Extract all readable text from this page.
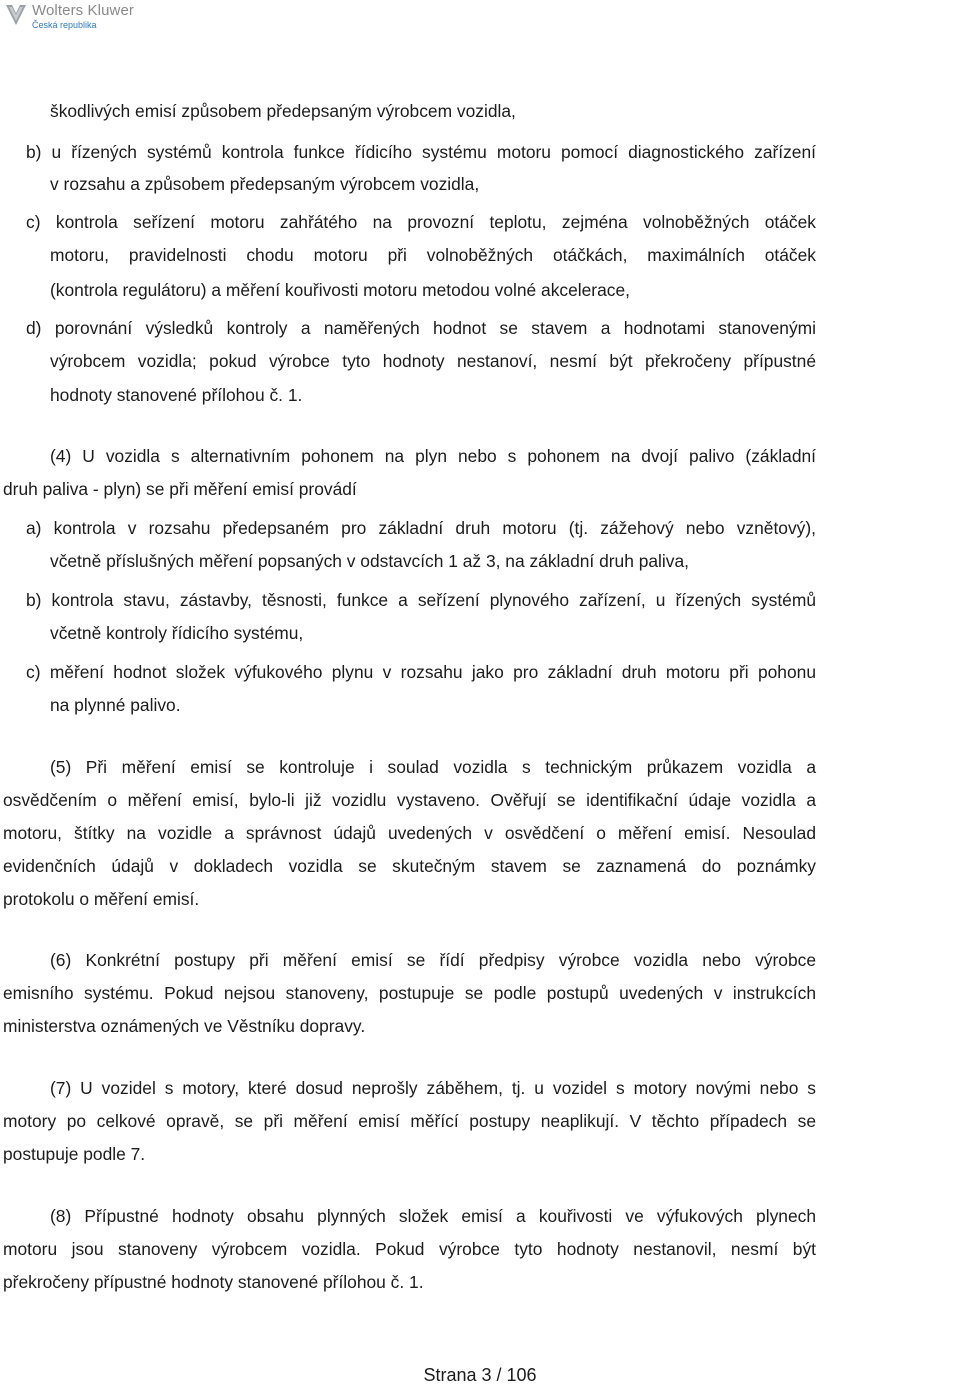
Wolters Kluwer
Česká republika
škodlivých emisí způsobem předepsaným výrobcem vozidla,
b) u řízených systémů kontrola funkce řídicího systému motoru pomocí diagnostického zařízení
v rozsahu a způsobem předepsaným výrobcem vozidla,
c) kontrola seřízení motoru zahřátého na provozní teplotu, zejména volnoběžných otáček
motoru, pravidelnosti chodu motoru při volnoběžných otáčkách, maximálních otáček
(kontrola regulátoru) a měření kouřivosti motoru metodou volné akcelerace,
d) porovnání výsledků kontroly a naměřených hodnot se stavem a hodnotami stanovenými
výrobcem vozidla; pokud výrobce tyto hodnoty nestanoví, nesmí být překročeny přípustné
hodnoty stanovené přílohou č. 1.
(4) U vozidla s alternativním pohonem na plyn nebo s pohonem na dvojí palivo (základní
druh paliva - plyn) se při měření emisí provádí
a) kontrola v rozsahu předepsaném pro základní druh motoru (tj. zážehový nebo vznětový),
včetně příslušných měření popsaných v odstavcích 1 až 3, na základní druh paliva,
b) kontrola stavu, zástavby, těsnosti, funkce a seřízení plynového zařízení, u řízených systémů
včetně kontroly řídicího systému,
c) měření hodnot složek výfukového plynu v rozsahu jako pro základní druh motoru při pohonu
na plynné palivo.
(5) Při měření emisí se kontroluje i soulad vozidla s technickým průkazem vozidla a
osvědčením o měření emisí, bylo-li již vozidlu vystaveno. Ověřují se identifikační údaje vozidla a
motoru, štítky na vozidle a správnost údajů uvedených v osvědčení o měření emisí. Nesoulad
evidenčních údajů v dokladech vozidla se skutečným stavem se zaznamená do poznámky
protokolu o měření emisí.
(6) Konkrétní postupy při měření emisí se řídí předpisy výrobce vozidla nebo výrobce
emisního systému. Pokud nejsou stanoveny, postupuje se podle postupů uvedených v instrukcích
ministerstva oznámených ve Věstníku dopravy.
(7) U vozidel s motory, které dosud neprošly záběhem, tj. u vozidel s motory novými nebo s
motory po celkové opravě, se při měření emisí měřící postupy neaplikují. V těchto případech se
postupuje podle 7.
(8) Přípustné hodnoty obsahu plynných složek emisí a kouřivosti ve výfukových plynech
motoru jsou stanoveny výrobcem vozidla. Pokud výrobce tyto hodnoty nestanovil, nesmí být
překročeny přípustné hodnoty stanovené přílohou č. 1.
Strana 3 / 106
